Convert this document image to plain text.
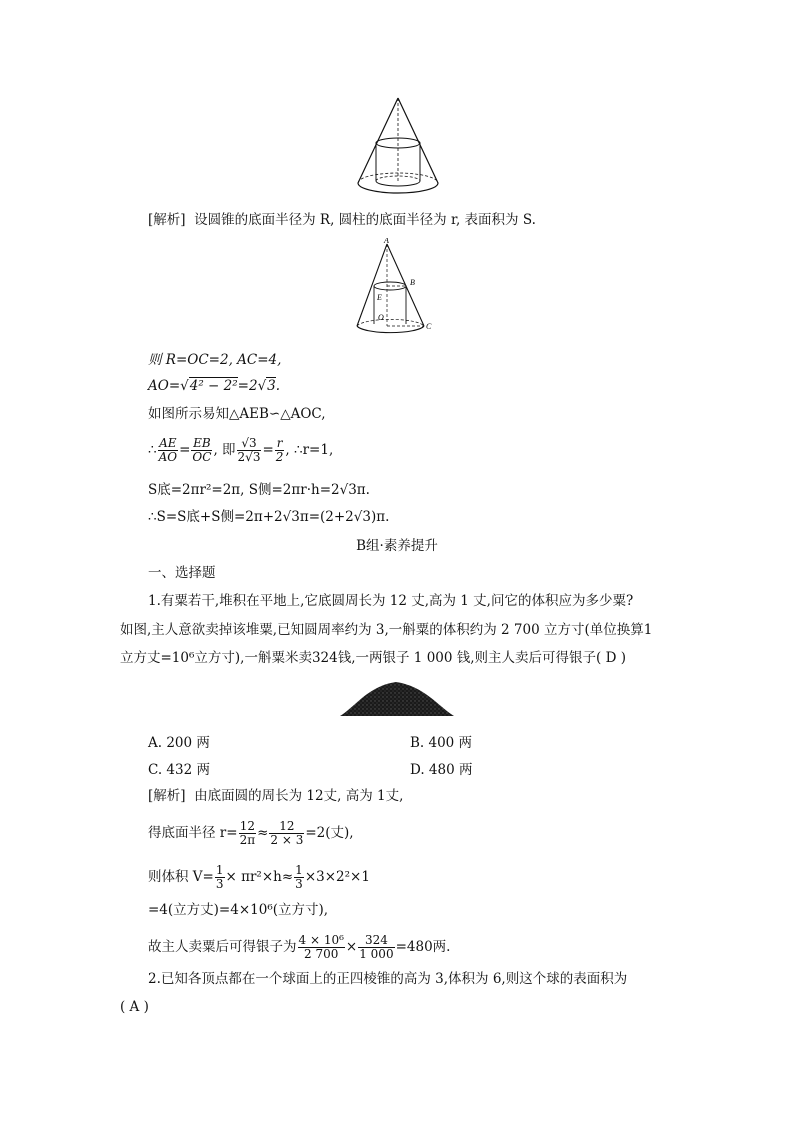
[解析] 设圆锥的底面半径为 R, 圆柱的底面半径为 r, 表面积为 S.
A
B
E
O
C
则 R=OC=2, AC=4,
AO=√4² − 2²=2√3.
如图所示易知△AEB∽△AOC,
∴ $\frac{AE}{AO} = \frac{EB}{OC}$ , 即 $\frac{√3}{2√3} = \frac{r}{2}$ , ∴r=1,
S底=2πr²=2π, S侧=2πr·h=2√3π.
∴S=S底+S侧=2π+2√3π=(2+2√3)π.
B组·素养提升
一、选择题
1.有粟若干,堆积在平地上,它底圆周长为 12 丈,高为 1 丈,问它的体积应为多少粟?
如图,主人意欲卖掉该堆粟,已知圆周率约为 3,一斛粟的体积约为 2 700 立方寸(单位换算1
立方丈=10⁶立方寸),一斛粟米卖324钱,一两银子 1 000 钱,则主人卖后可得银子( D )
A. 200 两	B. 400 两
C. 432 两	D. 480 两
[解析] 由底面圆的周长为 12丈, 高为 1丈,
得底面半径 $r= \frac{12}{2\pi} \approx \frac{12}{2 \times 3} =2$(丈),
则体积 $V= \frac{1}{3} \times \pi r^2\times h\approx \frac{1}{3} \times 3\times 2^2\times 1$
=4(立方丈)=4×10⁶(立方寸),
故主人卖粟后可得银子为 $\frac{\text{4 × 10⁶}}{2 700} \times \frac{324}{1 000} =480$两.
2.已知各顶点都在一个球面上的正四棱锥的高为 3,体积为 6,则这个球的表面积为
( A )
